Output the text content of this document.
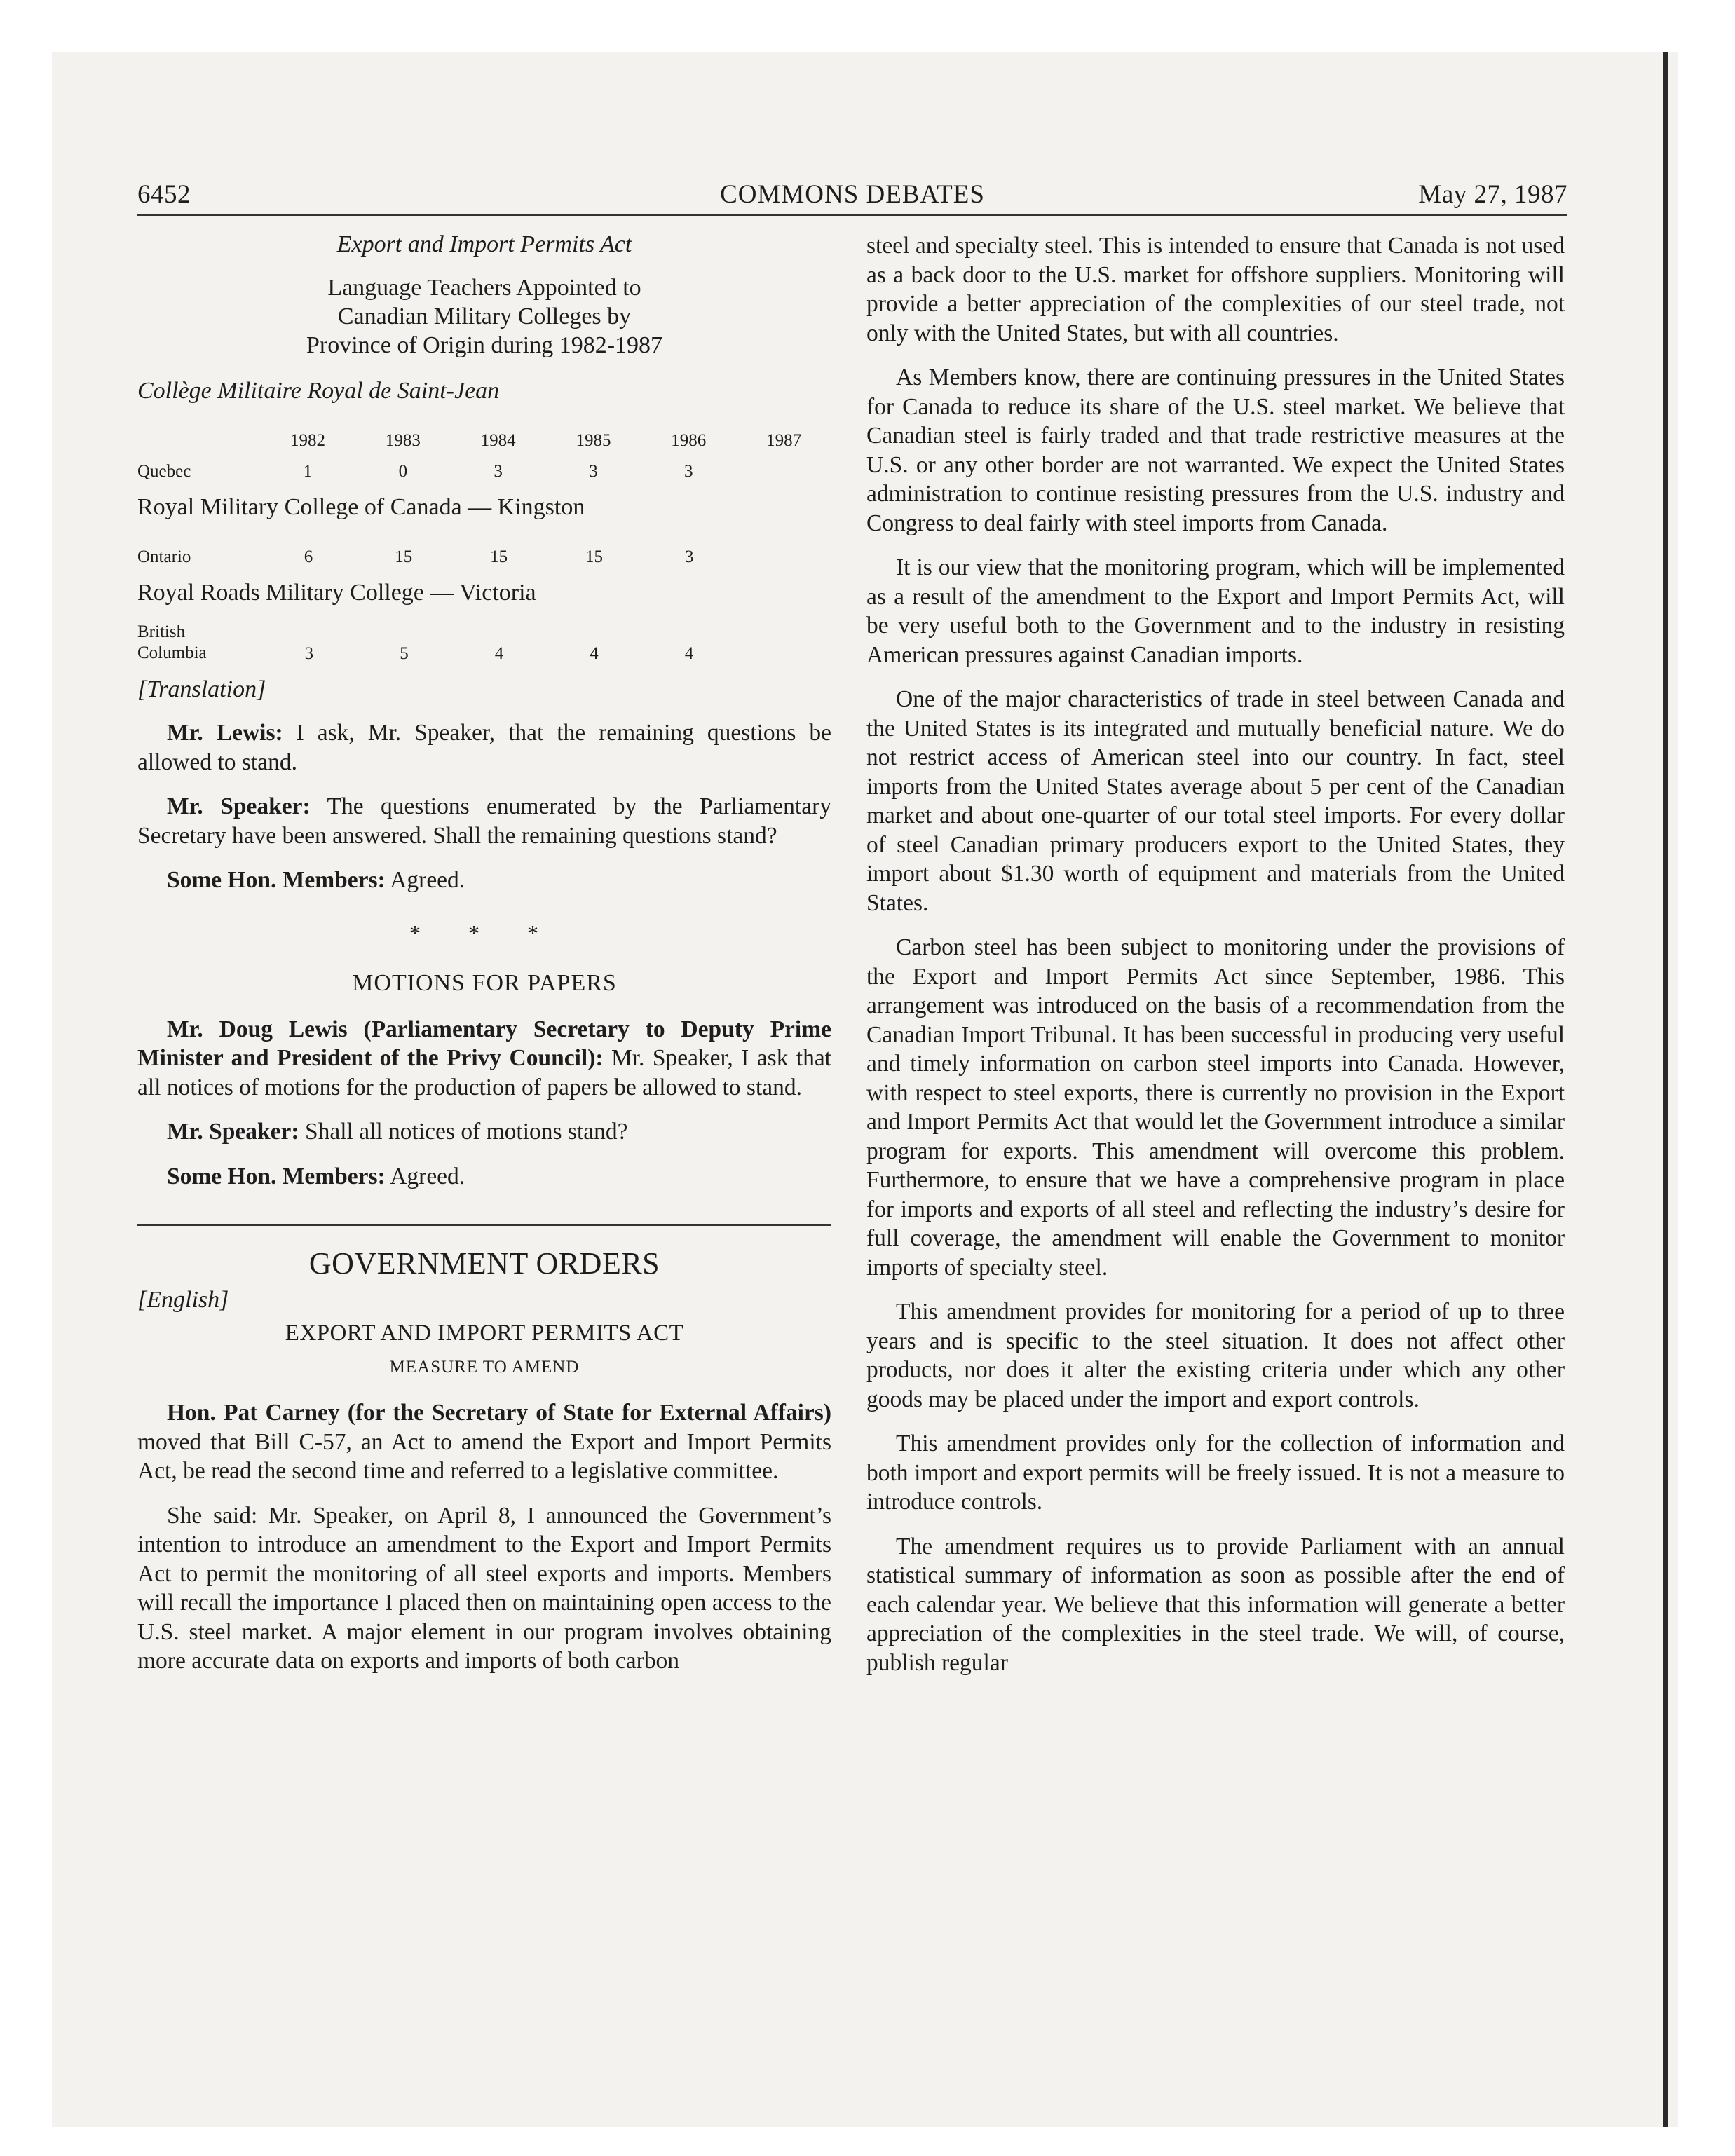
6452	COMMONS DEBATES	May 27, 1987
Export and Import Permits Act
Language Teachers Appointed to
Canadian Military Colleges by
Province of Origin during 1982-1987
Collège Militaire Royal de Saint-Jean
	1982	1983	1984	1985	1986	1987
Quebec	1	0	3	3	3	
Royal Military College of Canada — Kingston
Ontario	6	15	15	15	3	
Royal Roads Military College — Victoria
British
Columbia	3	5	4	4	4	
[Translation]

Mr. Lewis: I ask, Mr. Speaker, that the remaining questions be allowed to stand.

Mr. Speaker: The questions enumerated by the Parliamentary Secretary have been answered. Shall the remaining questions stand?

Some Hon. Members: Agreed.

* * *
MOTIONS FOR PAPERS

Mr. Doug Lewis (Parliamentary Secretary to Deputy Prime Minister and President of the Privy Council): Mr. Speaker, I ask that all notices of motions for the production of papers be allowed to stand.

Mr. Speaker: Shall all notices of motions stand?

Some Hon. Members: Agreed.

GOVERNMENT ORDERS
[English]
EXPORT AND IMPORT PERMITS ACT
MEASURE TO AMEND

Hon. Pat Carney (for the Secretary of State for External Affairs) moved that Bill C-57, an Act to amend the Export and Import Permits Act, be read the second time and referred to a legislative committee.

She said: Mr. Speaker, on April 8, I announced the Government’s intention to introduce an amendment to the Export and Import Permits Act to permit the monitoring of all steel exports and imports. Members will recall the importance I placed then on maintaining open access to the U.S. steel market. A major element in our program involves obtaining more accurate data on exports and imports of both carbon

steel and specialty steel. This is intended to ensure that Canada is not used as a back door to the U.S. market for offshore suppliers. Monitoring will provide a better appreciation of the complexities of our steel trade, not only with the United States, but with all countries.

As Members know, there are continuing pressures in the United States for Canada to reduce its share of the U.S. steel market. We believe that Canadian steel is fairly traded and that trade restrictive measures at the U.S. or any other border are not warranted. We expect the United States administration to continue resisting pressures from the U.S. industry and Congress to deal fairly with steel imports from Canada.

It is our view that the monitoring program, which will be implemented as a result of the amendment to the Export and Import Permits Act, will be very useful both to the Government and to the industry in resisting American pressures against Canadian imports.

One of the major characteristics of trade in steel between Canada and the United States is its integrated and mutually beneficial nature. We do not restrict access of American steel into our country. In fact, steel imports from the United States average about 5 per cent of the Canadian market and about one-quarter of our total steel imports. For every dollar of steel Canadian primary producers export to the United States, they import about $1.30 worth of equipment and materials from the United States.

Carbon steel has been subject to monitoring under the provisions of the Export and Import Permits Act since September, 1986. This arrangement was introduced on the basis of a recommendation from the Canadian Import Tribunal. It has been successful in producing very useful and timely information on carbon steel imports into Canada. However, with respect to steel exports, there is currently no provision in the Export and Import Permits Act that would let the Government introduce a similar program for exports. This amendment will overcome this problem. Furthermore, to ensure that we have a comprehensive program in place for imports and exports of all steel and reflecting the industry’s desire for full coverage, the amendment will enable the Government to monitor imports of specialty steel.

This amendment provides for monitoring for a period of up to three years and is specific to the steel situation. It does not affect other products, nor does it alter the existing criteria under which any other goods may be placed under the import and export controls.

This amendment provides only for the collection of information and both import and export permits will be freely issued. It is not a measure to introduce controls.

The amendment requires us to provide Parliament with an annual statistical summary of information as soon as possible after the end of each calendar year. We believe that this information will generate a better appreciation of the complexities in the steel trade. We will, of course, publish regular
